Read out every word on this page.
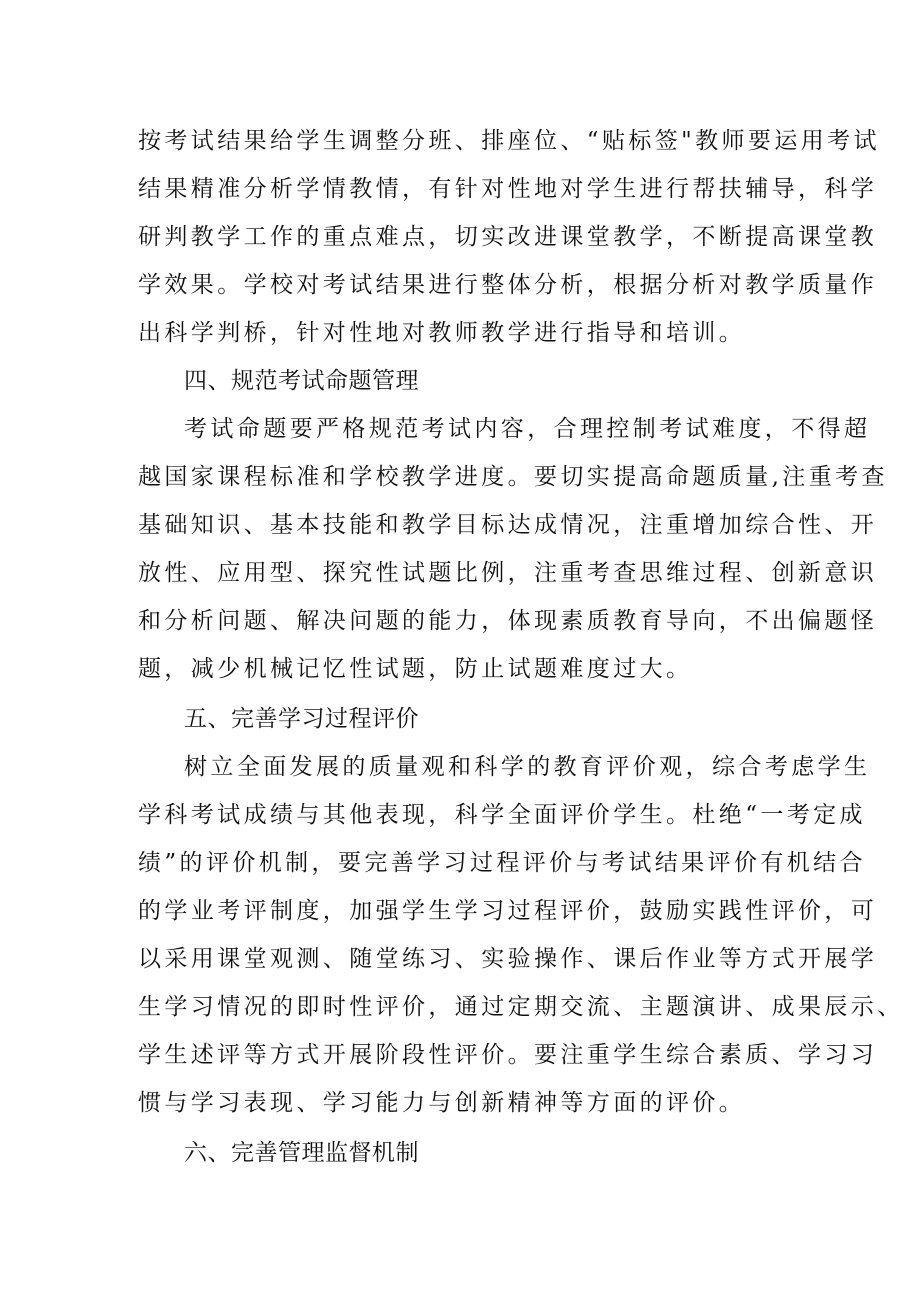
按考试结果给学生调整分班、排座位、“贴标签"教师要运用考试
结果精准分析学情教情，有针对性地对学生进行帮扶辅导，科学
研判教学工作的重点难点，切实改进课堂教学，不断提高课堂教
学效果。学校对考试结果进行整体分析，根据分析对教学质量作
出科学判桥，针对性地对教师教学进行指导和培训。
四、规范考试命题管理
考试命题要严格规范考试内容，合理控制考试难度，不得超
越国家课程标准和学校教学进度。要切实提高命题质量,注重考查
基础知识、基本技能和教学目标达成情况，注重增加综合性、开
放性、应用型、探究性试题比例，注重考查思维过程、创新意识
和分析问题、解决问题的能力，体现素质教育导向，不出偏题怪
题，减少机械记忆性试题，防止试题难度过大。
五、完善学习过程评价
树立全面发展的质量观和科学的教育评价观，综合考虑学生
学科考试成绩与其他表现，科学全面评价学生。杜绝“一考定成
绩”的评价机制，要完善学习过程评价与考试结果评价有机结合
的学业考评制度，加强学生学习过程评价，鼓励实践性评价，可
以采用课堂观测、随堂练习、实验操作、课后作业等方式开展学
生学习情况的即时性评价，通过定期交流、主题演讲、成果辰示、
学生述评等方式开展阶段性评价。要注重学生综合素质、学习习
惯与学习表现、学习能力与创新精神等方面的评价。
六、完善管理监督机制
